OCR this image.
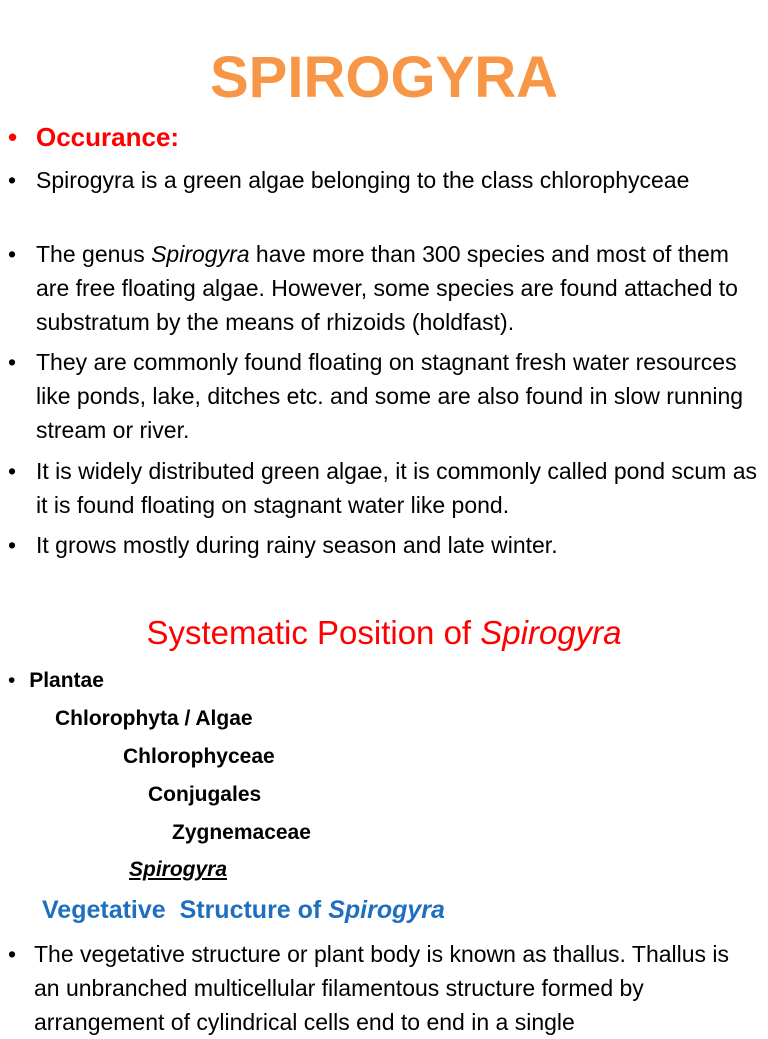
SPIROGYRA
• Occurance:
• Spirogyra is a green algae belonging to the class chlorophyceae
• The genus Spirogyra have more than 300 species and most of them are free floating algae. However, some species are found attached to substratum by the means of rhizoids (holdfast).
• They are commonly found floating on stagnant fresh water resources like ponds, lake, ditches etc. and some are also found in slow running stream or river.
• It is widely distributed green algae, it is commonly called pond scum as it is found floating on stagnant water like pond.
• It grows mostly during rainy season and late winter.
Systematic Position of Spirogyra
• Plantae
Chlorophyta / Algae
Chlorophyceae
Conjugales
Zygnemaceae
Spirogyra
Vegetative  Structure of Spirogyra
• The vegetative structure or plant body is known as thallus. Thallus is an unbranched multicellular filamentous structure formed by arrangement of cylindrical cells end to end in a single
